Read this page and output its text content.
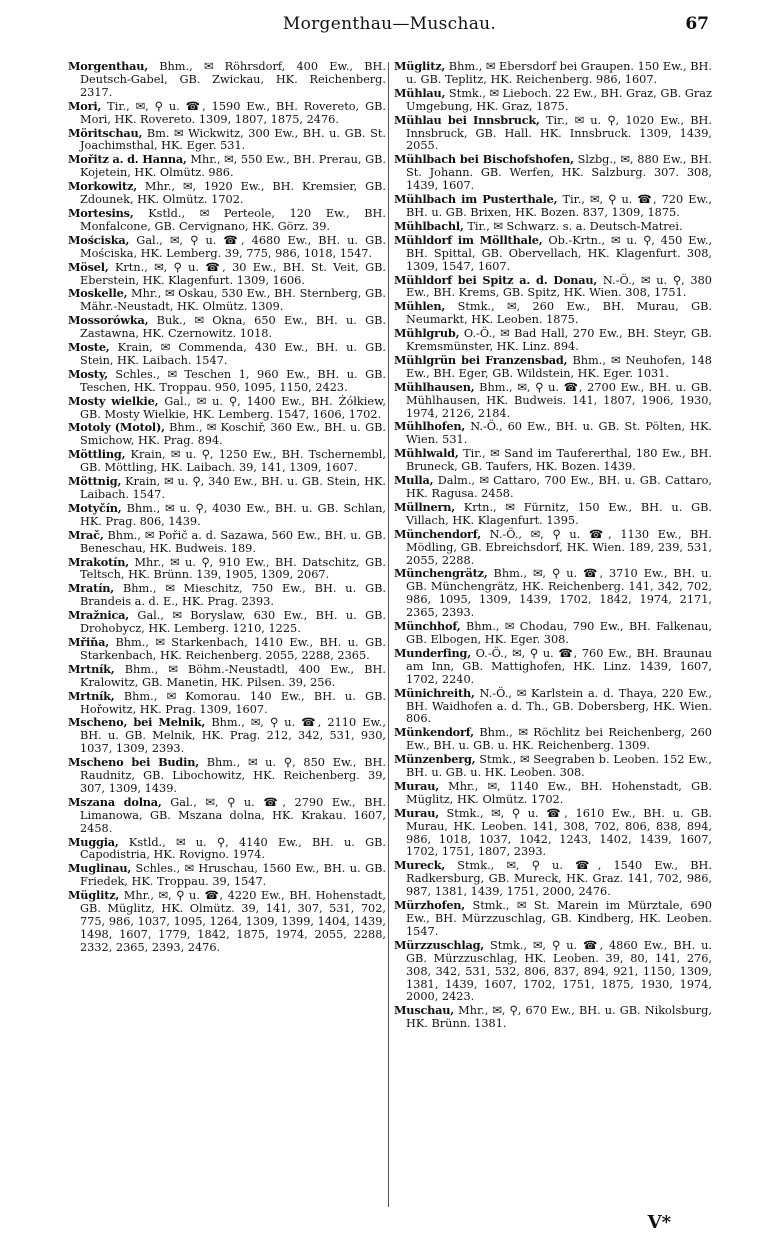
Morgenthau—Muschau.	67

Morgenthau, Bhm., ✉ Röhrsdorf, 400 Ew., BH. Deutsch-Gabel, GB. Zwickau, HK. Reichenberg. 2317.

Mori, Tir., ✉, ⚲ u. ☎, 1590 Ew., BH. Rovereto, GB. Mori, HK. Rovereto. 1309, 1807, 1875, 2476.

Möritschau, Bm. ✉ Wickwitz, 300 Ew., BH. u. GB. St. Joachimsthal, HK. Eger. 531.

Mořitz a. d. Hanna, Mhr., ✉, 550 Ew., BH. Prerau, GB. Kojetein, HK. Olmütz. 986.

Morkowitz, Mhr., ✉, 1920 Ew., BH. Kremsier, GB. Zdounek, HK. Olmütz. 1702.

Mortesins, Kstld., ✉ Perteole, 120 Ew., BH. Monfalcone, GB. Cervignano, HK. Görz. 39.

Mościska, Gal., ✉, ⚲ u. ☎, 4680 Ew., BH. u. GB. Mościska, HK. Lemberg. 39, 775, 986, 1018, 1547.

Mösel, Krtn., ✉, ⚲ u. ☎, 30 Ew., BH. St. Veit, GB. Eberstein, HK. Klagenfurt. 1309, 1606.

Moskelle, Mhr., ✉ Oskau, 530 Ew., BH. Sternberg, GB. Mähr.-Neustadt, HK. Olmütz. 1309.

Mossorówka, Buk., ✉ Okna, 650 Ew., BH. u. GB. Zastawna, HK. Czernowitz. 1018.

Moste, Krain, ✉ Commenda, 430 Ew., BH. u. GB. Stein, HK. Laibach. 1547.

Mosty, Schles., ✉ Teschen 1, 960 Ew., BH. u. GB. Teschen, HK. Troppau. 950, 1095, 1150, 2423.

Mosty wielkie, Gal., ✉ u. ⚲, 1400 Ew., BH. Żółkiew, GB. Mosty Wielkie, HK. Lemberg. 1547, 1606, 1702.

Motoly (Motol), Bhm., ✉ Koschiř, 360 Ew., BH. u. GB. Smichow, HK. Prag. 894.

Möttling, Krain, ✉ u. ⚲, 1250 Ew., BH. Tschernembl, GB. Möttling, HK. Laibach. 39, 141, 1309, 1607.

Möttnig, Krain, ✉ u. ⚲, 340 Ew., BH. u. GB. Stein, HK. Laibach. 1547.

Motyčín, Bhm., ✉ u. ⚲, 4030 Ew., BH. u. GB. Schlan, HK. Prag. 806, 1439.

Mrač, Bhm., ✉ Pořič a. d. Sazawa, 560 Ew., BH. u. GB. Beneschau, HK. Budweis. 189.

Mrakotín, Mhr., ✉ u. ⚲, 910 Ew., BH. Datschitz, GB. Teltsch, HK. Brünn. 139, 1905, 1309, 2067.

Mratín, Bhm., ✉ Mieschitz, 750 Ew., BH. u. GB. Brandeis a. d. E., HK. Prag. 2393.

Mražnica, Gal., ✉ Boryslaw, 630 Ew., BH. u. GB. Drohobycz, HK. Lemberg. 1210, 1225.

Mřiňa, Bhm., ✉ Starkenbach, 1410 Ew., BH. u. GB. Starkenbach, HK. Reichenberg. 2055, 2288, 2365.

Mrtník, Bhm., ✉ Böhm.-Neustadtl, 400 Ew., BH. Kralowitz, GB. Manetin, HK. Pilsen. 39, 256.

Mrtník, Bhm., ✉ Komorau. 140 Ew., BH. u. GB. Hořowitz, HK. Prag. 1309, 1607.

Mscheno, bei Melnik, Bhm., ✉, ⚲ u. ☎, 2110 Ew., BH. u. GB. Melnik, HK. Prag. 212, 342, 531, 930, 1037, 1309, 2393.

Mscheno bei Budin, Bhm., ✉ u. ⚲, 850 Ew., BH. Raudnitz, GB. Libochowitz, HK. Reichenberg. 39, 307, 1309, 1439.

Mszana dolna, Gal., ✉, ⚲ u. ☎, 2790 Ew., BH. Limanowa, GB. Mszana dolna, HK. Krakau. 1607, 2458.

Muggia, Kstld., ✉ u. ⚲, 4140 Ew., BH. u. GB. Capodistria, HK. Rovigno. 1974.

Muglinau, Schles., ✉ Hruschau, 1560 Ew., BH. u. GB. Friedek, HK. Troppau. 39, 1547.

Müglitz, Mhr., ✉, ⚲ u. ☎, 4220 Ew., BH. Hohenstadt, GB. Müglitz, HK. Olmütz. 39, 141, 307, 531, 702, 775, 986, 1037, 1095, 1264, 1309, 1399, 1404, 1439, 1498, 1607, 1779, 1842, 1875, 1974, 2055, 2288, 2332, 2365, 2393, 2476.

Müglitz, Bhm., ✉ Ebersdorf bei Graupen. 150 Ew., BH. u. GB. Teplitz, HK. Reichenberg. 986, 1607.

Mühlau, Stmk., ✉ Lieboch. 22 Ew., BH. Graz, GB. Graz Umgebung, HK. Graz, 1875.

Mühlau bei Innsbruck, Tir., ✉ u. ⚲, 1020 Ew., BH. Innsbruck, GB. Hall. HK. Innsbruck. 1309, 1439, 2055.

Mühlbach bei Bischofshofen, Slzbg., ✉, 880 Ew., BH. St. Johann. GB. Werfen, HK. Salzburg. 307. 308, 1439, 1607.

Mühlbach im Pusterthale, Tir., ✉, ⚲ u. ☎, 720 Ew., BH. u. GB. Brixen, HK. Bozen. 837, 1309, 1875.

Mühlbachl, Tir., ✉ Schwarz. s. a. Deutsch-Matrei.

Mühldorf im Möllthale, Ob.-Krtn., ✉ u. ⚲, 450 Ew., BH. Spittal, GB. Obervellach, HK. Klagenfurt. 308, 1309, 1547, 1607.

Mühldorf bei Spitz a. d. Donau, N.-Ö., ✉ u. ⚲, 380 Ew., BH. Krems, GB. Spitz, HK. Wien. 308, 1751.

Mühlen, Stmk., ✉, 260 Ew., BH. Murau, GB. Neumarkt, HK. Leoben. 1875.

Mühlgrub, O.-Ö., ✉ Bad Hall, 270 Ew., BH. Steyr, GB. Kremsmünster, HK. Linz. 894.

Mühlgrün bei Franzensbad, Bhm., ✉ Neuhofen, 148 Ew., BH. Eger, GB. Wildstein, HK. Eger. 1031.

Mühlhausen, Bhm., ✉, ⚲ u. ☎, 2700 Ew., BH. u. GB. Mühlhausen, HK. Budweis. 141, 1807, 1906, 1930, 1974, 2126, 2184.

Mühlhofen, N.-Ö., 60 Ew., BH. u. GB. St. Pölten, HK. Wien. 531.

Mühlwald, Tir., ✉ Sand im Taufererthal, 180 Ew., BH. Bruneck, GB. Taufers, HK. Bozen. 1439.

Mulla, Dalm., ✉ Cattaro, 700 Ew., BH. u. GB. Cattaro, HK. Ragusa. 2458.

Müllnern, Krtn., ✉ Fürnitz, 150 Ew., BH. u. GB. Villach, HK. Klagenfurt. 1395.

Münchendorf, N.-Ö., ✉, ⚲ u. ☎, 1130 Ew., BH. Mödling, GB. Ebreichsdorf, HK. Wien. 189, 239, 531, 2055, 2288.

Münchengrätz, Bhm., ✉, ⚲ u. ☎, 3710 Ew., BH. u. GB. Münchengrätz, HK. Reichenberg. 141, 342, 702, 986, 1095, 1309, 1439, 1702, 1842, 1974, 2171, 2365, 2393.

Münchhof, Bhm., ✉ Chodau, 790 Ew., BH. Falkenau, GB. Elbogen, HK. Eger. 308.

Munderfing, O.-Ö., ✉, ⚲ u. ☎, 760 Ew., BH. Braunau am Inn, GB. Mattighofen, HK. Linz. 1439, 1607, 1702, 2240.

Münichreith, N.-Ö., ✉ Karlstein a. d. Thaya, 220 Ew., BH. Waidhofen a. d. Th., GB. Dobersberg, HK. Wien. 806.

Münkendorf, Bhm., ✉ Röchlitz bei Reichenberg, 260 Ew., BH. u. GB. u. HK. Reichenberg. 1309.

Münzenberg, Stmk., ✉ Seegraben b. Leoben. 152 Ew., BH. u. GB. u. HK. Leoben. 308.

Murau, Mhr., ✉, 1140 Ew., BH. Hohenstadt, GB. Müglitz, HK. Olmütz. 1702.

Murau, Stmk., ✉, ⚲ u. ☎, 1610 Ew., BH. u. GB. Murau, HK. Leoben. 141, 308, 702, 806, 838, 894, 986, 1018, 1037, 1042, 1243, 1402, 1439, 1607, 1702, 1751, 1807, 2393.

Mureck, Stmk., ✉, ⚲ u. ☎, 1540 Ew., BH. Radkersburg, GB. Mureck, HK. Graz. 141, 702, 986, 987, 1381, 1439, 1751, 2000, 2476.

Mürzhofen, Stmk., ✉ St. Marein im Mürztale, 690 Ew., BH. Mürzzuschlag, GB. Kindberg, HK. Leoben. 1547.

Mürzzuschlag, Stmk., ✉, ⚲ u. ☎, 4860 Ew., BH. u. GB. Mürzzuschlag, HK. Leoben. 39, 80, 141, 276, 308, 342, 531, 532, 806, 837, 894, 921, 1150, 1309, 1381, 1439, 1607, 1702, 1751, 1875, 1930, 1974, 2000, 2423.

Muschau, Mhr., ✉, ⚲, 670 Ew., BH. u. GB. Nikolsburg, HK. Brünn. 1381.

V*
